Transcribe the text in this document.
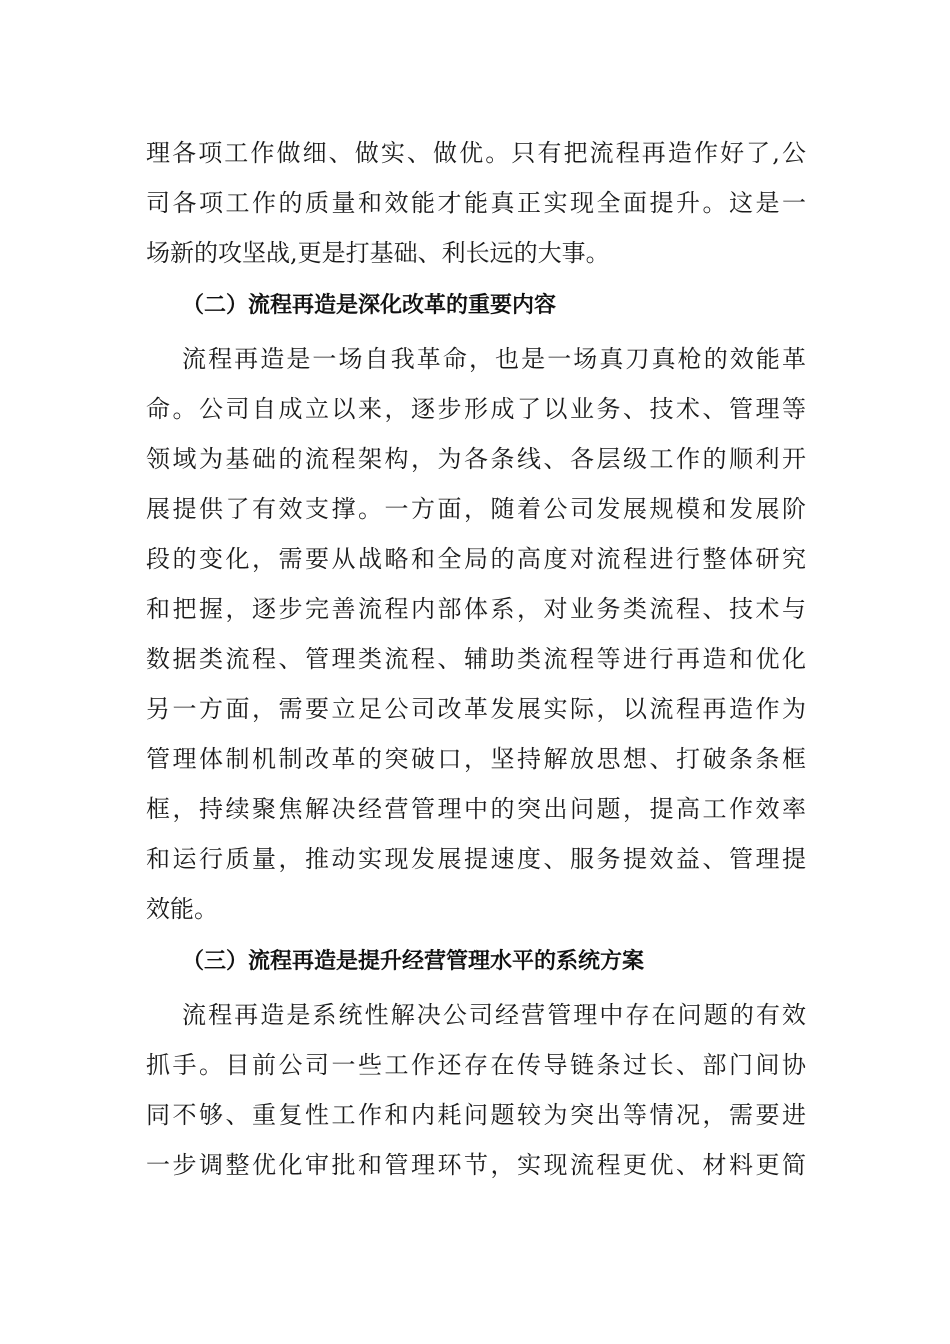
理各项工作做细、做实、做优。只有把流程再造作好了,公
司各项工作的质量和效能才能真正实现全面提升。这是一
场新的攻坚战,更是打基础、利长远的大事。
（二）流程再造是深化改革的重要内容
流程再造是一场自我革命，也是一场真刀真枪的效能革
命。公司自成立以来，逐步形成了以业务、技术、管理等
领域为基础的流程架构，为各条线、各层级工作的顺利开
展提供了有效支撑。一方面，随着公司发展规模和发展阶
段的变化，需要从战略和全局的高度对流程进行整体研究
和把握，逐步完善流程内部体系，对业务类流程、技术与
数据类流程、管理类流程、辅助类流程等进行再造和优化
另一方面，需要立足公司改革发展实际，以流程再造作为
管理体制机制改革的突破口，坚持解放思想、打破条条框
框，持续聚焦解决经营管理中的突出问题，提高工作效率
和运行质量，推动实现发展提速度、服务提效益、管理提
效能。
（三）流程再造是提升经营管理水平的系统方案
流程再造是系统性解决公司经营管理中存在问题的有效
抓手。目前公司一些工作还存在传导链条过长、部门间协
同不够、重复性工作和内耗问题较为突出等情况，需要进
一步调整优化审批和管理环节，实现流程更优、材料更简
